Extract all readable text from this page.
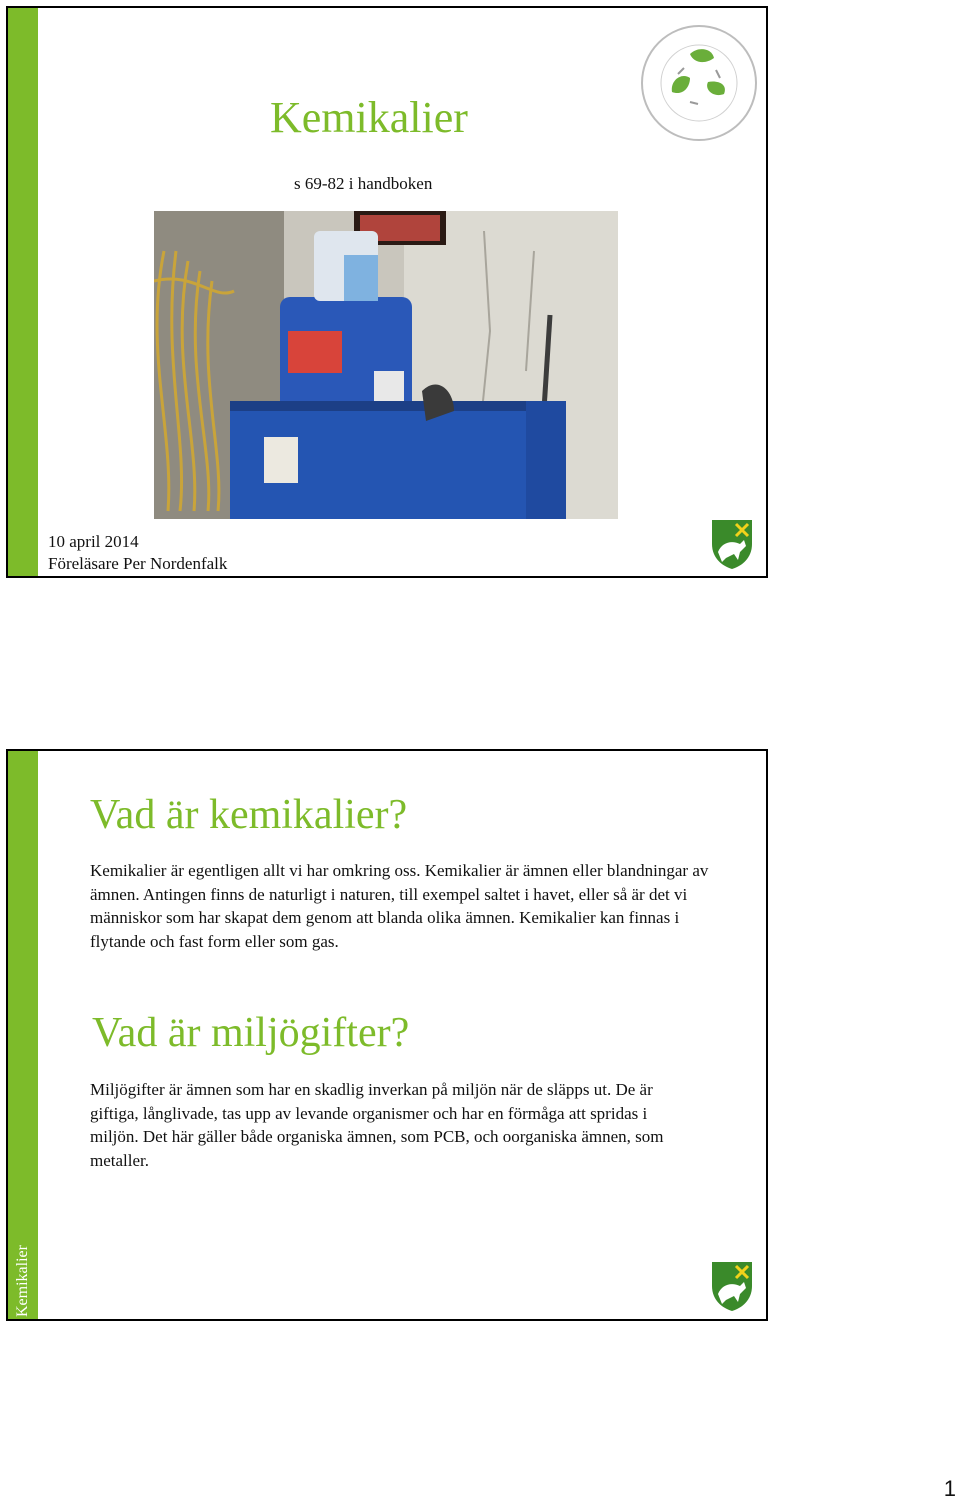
Kemikalier
s 69-82 i handboken
10 april 2014
Föreläsare Per Nordenfalk
Kemikalier
Vad är kemikalier?

Kemikalier är egentligen allt vi har omkring oss. Kemikalier är ämnen eller blandningar av ämnen. Antingen finns de naturligt i naturen, till exempel saltet i havet, eller så är det vi människor som har skapat dem genom att blanda olika ämnen. Kemikalier kan finnas i flytande och fast form eller som gas.

Vad är miljögifter?

Miljögifter är ämnen som har en skadlig inverkan på miljön när de släpps ut. De är giftiga, långlivade, tas upp av levande organismer och har en förmåga att spridas i miljön. Det här gäller både organiska ämnen, som PCB, och oorganiska ämnen, som metaller.

1
